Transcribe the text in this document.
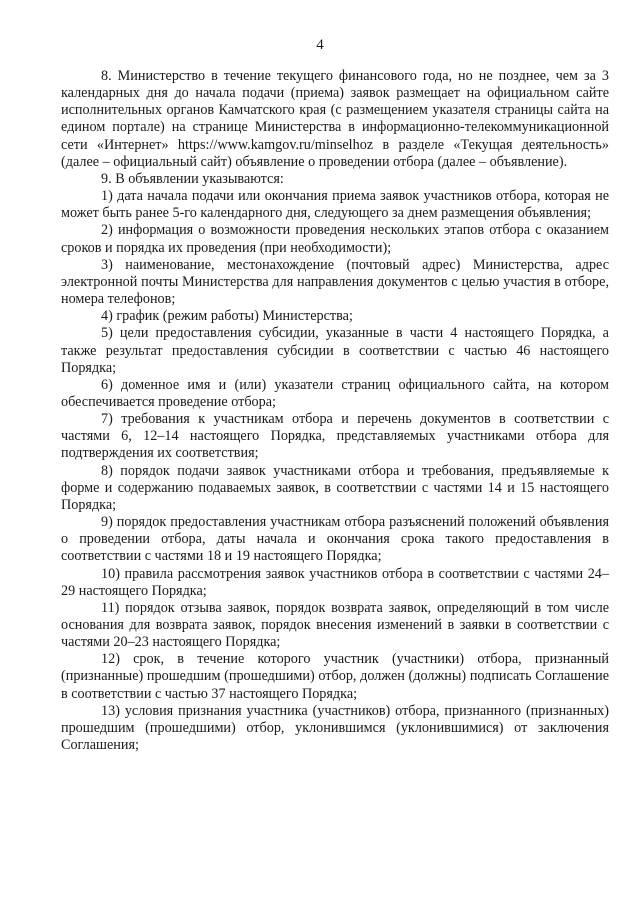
4

8. Министерство в течение текущего финансового года, но не позднее, чем за 3 календарных дня до начала подачи (приема) заявок размещает на официальном сайте исполнительных органов Камчатского края (с размещением указателя страницы сайта на едином портале) на странице Министерства в информационно-телекоммуникационной сети «Интернет» https://www.kamgov.ru/minselhoz в разделе «Текущая деятельность» (далее – официальный сайт) объявление о проведении отбора (далее – объявление).

9. В объявлении указываются:

1) дата начала подачи или окончания приема заявок участников отбора, которая не может быть ранее 5-го календарного дня, следующего за днем размещения объявления;

2) информация о возможности проведения нескольких этапов отбора с оказанием сроков и порядка их проведения (при необходимости);

3) наименование, местонахождение (почтовый адрес) Министерства, адрес электронной почты Министерства для направления документов с целью участия в отборе, номера телефонов;

4) график (режим работы) Министерства;

5) цели предоставления субсидии, указанные в части 4 настоящего Порядка, а также результат предоставления субсидии в соответствии с частью 46 настоящего Порядка;

6) доменное имя и (или) указатели страниц официального сайта, на котором обеспечивается проведение отбора;

7) требования к участникам отбора и перечень документов в соответствии с частями 6, 12–14 настоящего Порядка, представляемых участниками отбора для подтверждения их соответствия;

8) порядок подачи заявок участниками отбора и требования, предъявляемые к форме и содержанию подаваемых заявок, в соответствии с частями 14 и 15 настоящего Порядка;

9) порядок предоставления участникам отбора разъяснений положений объявления о проведении отбора, даты начала и окончания срока такого предоставления в соответствии с частями 18 и 19 настоящего Порядка;

10) правила рассмотрения заявок участников отбора в соответствии с частями 24–29 настоящего Порядка;

11) порядок отзыва заявок, порядок возврата заявок, определяющий в том числе основания для возврата заявок, порядок внесения изменений в заявки в соответствии с частями 20–23 настоящего Порядка;

12) срок, в течение которого участник (участники) отбора, признанный (признанные) прошедшим (прошедшими) отбор, должен (должны) подписать Соглашение в соответствии с частью 37 настоящего Порядка;

13) условия признания участника (участников) отбора, признанного (признанных) прошедшим (прошедшими) отбор, уклонившимся (уклонившимися) от заключения Соглашения;
